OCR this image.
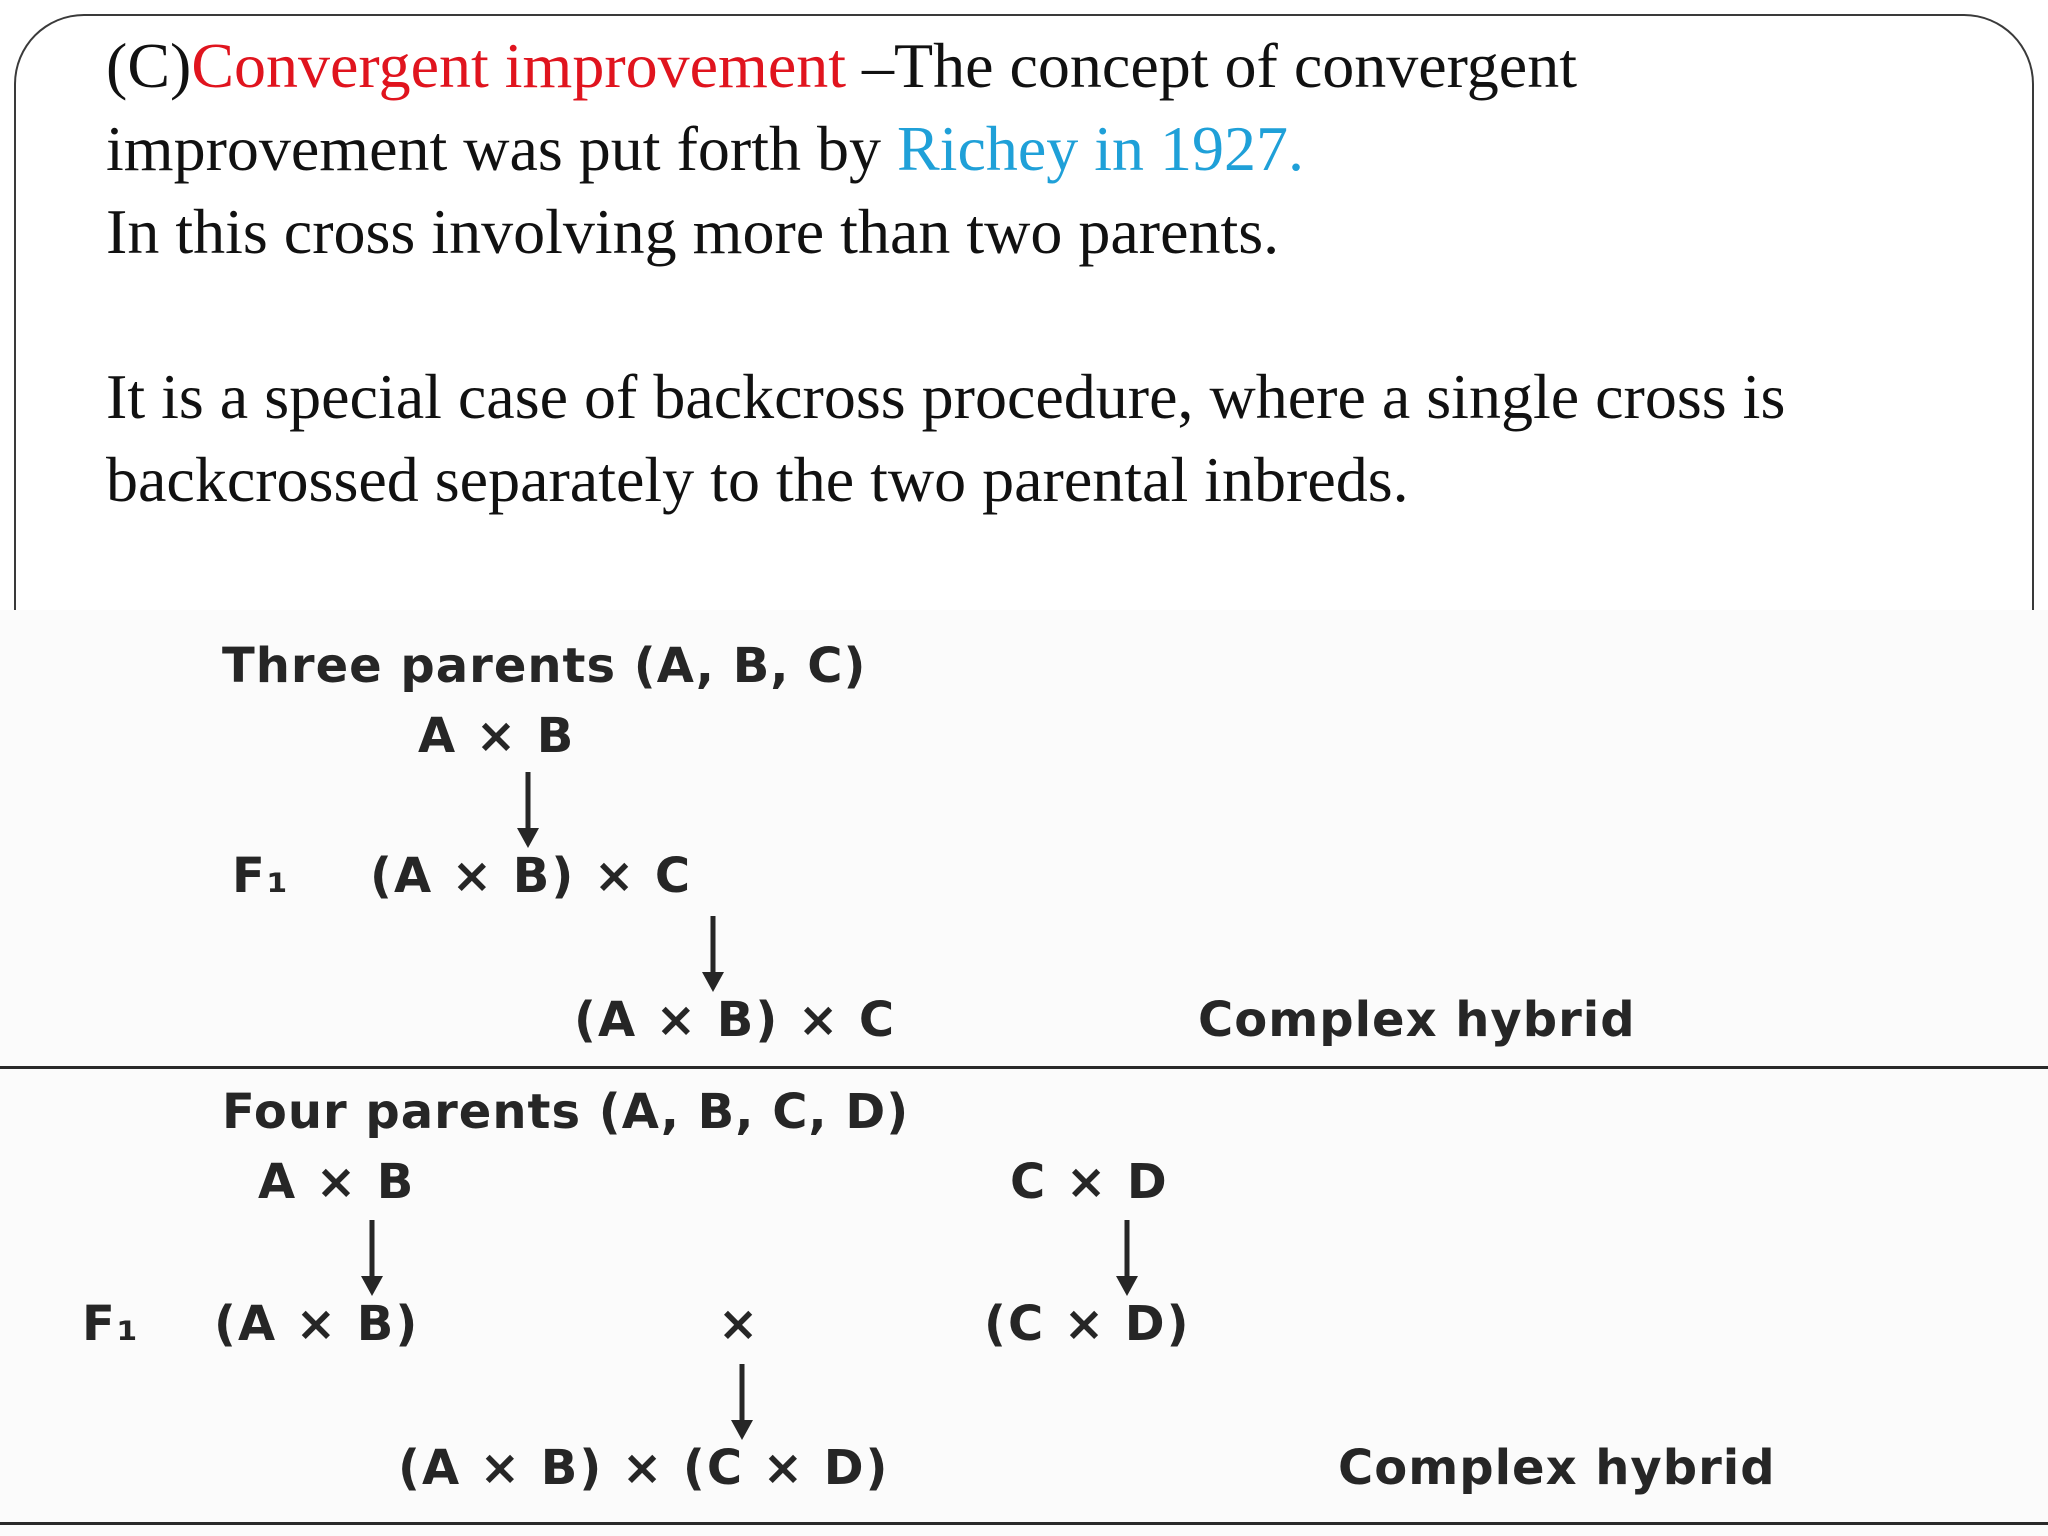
(C)Convergent improvement –The concept of convergent

improvement was put forth by Richey in 1927.

In this cross involving more than two parents.

It is a special case of backcross procedure, where a single cross is

backcrossed separately to the two parental inbreds.

Three parents (A, B, C)
A × B
F₁ (A × B) × C
(A × B) × C	Complex hybrid
Four parents (A, B, C, D)
A × B	C × D
F₁ (A × B)	×	(C × D)
(A × B) × (C × D)	Complex hybrid
